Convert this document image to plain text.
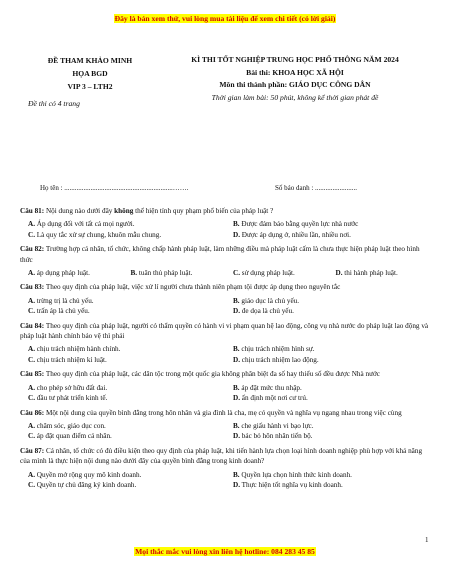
Đây là bản xem thử, vui lòng mua tài liệu để xem chi tiết (có lời giải)
ĐỀ THAM KHẢO MINH
HỌA BGD
VIP 3 – LTH2
Đề thi có 4 trang
KÌ THI TỐT NGHIỆP TRUNG HỌC PHỔ THÔNG NĂM 2024
Bài thi: KHOA HỌC XÃ HỘI
Môn thi thành phần: GIÁO DỤC CÔNG DÂN
Thời gian làm bài: 50 phút, không kể thời gian phát đề
Họ tên : ..............................................................…….	Số báo danh : ........................
Câu 81: Nội dung nào dưới đây không thể hiện tính quy phạm phổ biến của pháp luật ?
A. Áp dụng đối với tất cả mọi người.	B. Được đảm bảo bằng quyền lực nhà nước
C. Là quy tắc xử sự chung, khuôn mẫu chung.	D. Được áp dụng ở, nhiều lần, nhiều nơi.
Câu 82: Trường hợp cá nhân, tổ chức, không chấp hành pháp luật, làm những điều mà pháp luật cấm là chưa thực hiện pháp luật theo hình thức
A. áp dụng pháp luật.	B. tuân thủ pháp luật.	C. sử dụng pháp luật.	D. thi hành pháp luật.
Câu 83: Theo quy định của pháp luật, việc xử lí người chưa thành niên phạm tội được áp dụng theo nguyên tắc
A. trừng trị là chủ yếu.	B. giáo dục là chủ yếu.
C. trấn áp là chủ yếu.	D. đe dọa là chủ yếu.
Câu 84: Theo quy định của pháp luật, người có thẩm quyền có hành vi vi phạm quan hệ lao động, công vụ nhà nước do pháp luật lao động và pháp luật hành chính bảo vệ thì phải
A. chịu trách nhiệm hành chính.	B. chịu trách nhiệm hình sự.
C. chịu trách nhiệm kỉ luật.	D. chịu trách nhiệm lao động.
Câu 85: Theo quy định của pháp luật, các dân tộc trong một quốc gia không phân biệt đa số hay thiểu số đều được Nhà nước
A. cho phép sở hữu đất đai.	B. áp đặt mức thu nhập.
C. đầu tư phát triển kinh tế.	D. ấn định một nơi cư trú.
Câu 86: Một nội dung của quyền bình đẳng trong hôn nhân và gia đình là cha, mẹ có quyền và nghĩa vụ ngang nhau trong việc cùng
A. chăm sóc, giáo dục con.	B. che giấu hành vi bạo lực.
C. áp đặt quan điểm cá nhân.	D. bác bỏ hôn nhân tiến bộ.
Câu 87: Cá nhân, tổ chức có đủ điều kiện theo quy định của pháp luật, khi tiến hành lựa chọn loại hình doanh nghiệp phù hợp với khả năng của mình là thực hiện nội dung nào dưới đây của quyền bình đẳng trong kinh doanh?
A. Quyền mở rộng quy mô kinh doanh.	B. Quyền lựa chọn hình thức kinh doanh.
C. Quyền tự chủ đăng ký kinh doanh.	D. Thực hiện tốt nghĩa vụ kinh doanh.
1
Mọi thắc mắc vui lòng xin liên hệ hotline: 084 283 45 85
